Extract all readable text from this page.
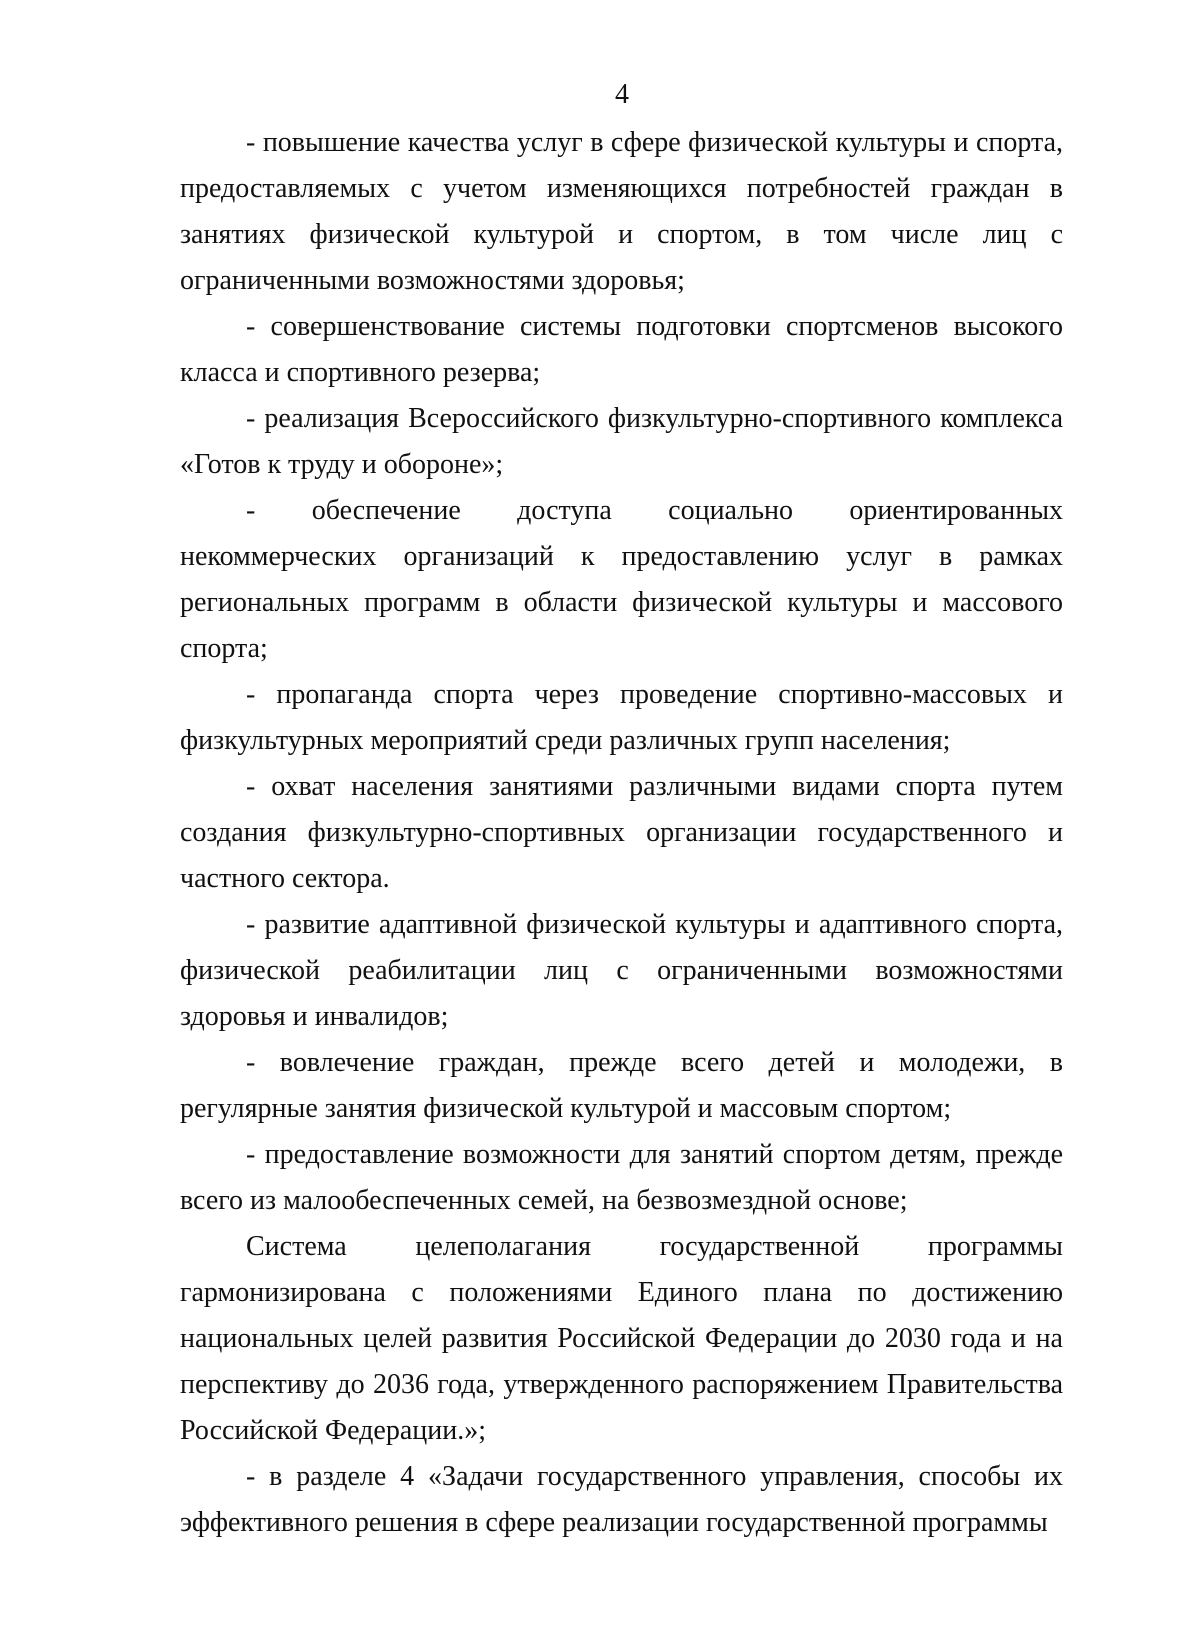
4

- повышение качества услуг в сфере физической культуры и спорта, предоставляемых с учетом изменяющихся потребностей граждан в занятиях физической культурой и спортом, в том числе лиц с ограниченными возможностями здоровья;

- совершенствование системы подготовки спортсменов высокого класса и спортивного резерва;

- реализация Всероссийского физкультурно-спортивного комплекса «Готов к труду и обороне»;

- обеспечение доступа социально ориентированных некоммерческих организаций к предоставлению услуг в рамках региональных программ в области физической культуры и массового спорта;

- пропаганда спорта через проведение спортивно-массовых и физкультурных мероприятий среди различных групп населения;

- охват населения занятиями различными видами спорта путем создания физкультурно-спортивных организации государственного и частного сектора.

- развитие адаптивной физической культуры и адаптивного спорта, физической реабилитации лиц с ограниченными возможностями здоровья и инвалидов;

- вовлечение граждан, прежде всего детей и молодежи, в регулярные занятия физической культурой и массовым спортом;

- предоставление возможности для занятий спортом детям, прежде всего из малообеспеченных семей, на безвозмездной основе;

Система целеполагания государственной программы гармонизирована с положениями Единого плана по достижению национальных целей развития Российской Федерации до 2030 года и на перспективу до 2036 года, утвержденного распоряжением Правительства Российской Федерации.»;

- в разделе 4 «Задачи государственного управления, способы их эффективного решения в сфере реализации государственной программы
